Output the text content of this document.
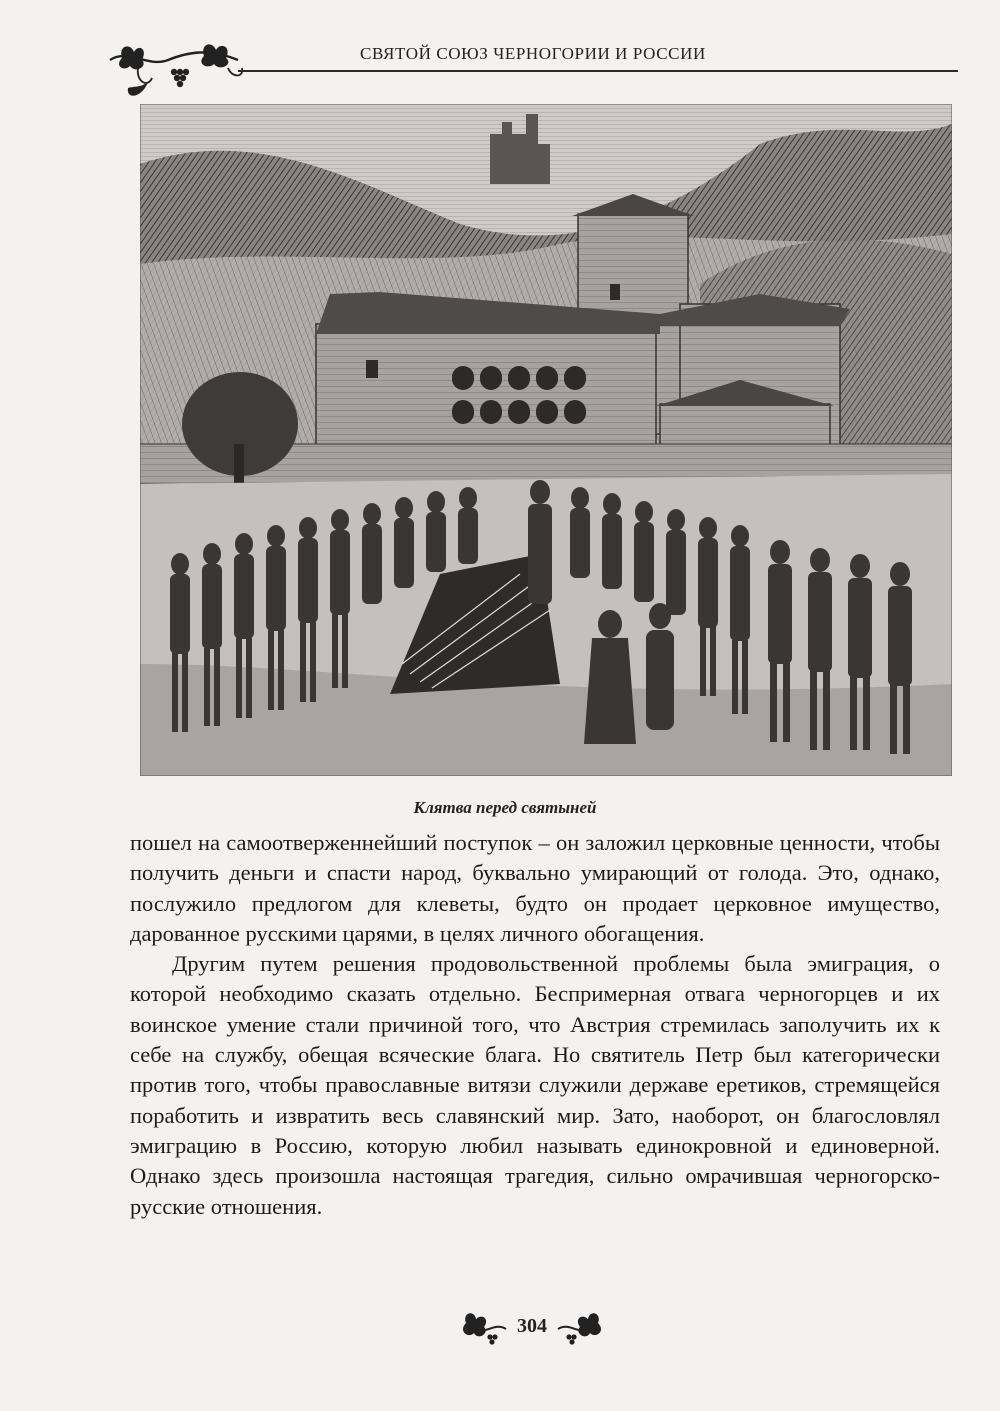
СВЯТОЙ СОЮЗ ЧЕРНОГОРИИ И РОССИИ
Клятва перед святыней

пошел на самоотверженнейший поступок – он заложил церковные ценности, чтобы получить деньги и спасти народ, буквально умирающий от голода. Это, однако, послужило предлогом для клеветы, будто он продает церковное имущество, дарованное русскими царями, в целях личного обогащения.

Другим путем решения продовольственной проблемы была эмиграция, о которой необходимо сказать отдельно. Беспримерная отвага черногорцев и их воинское умение стали причиной того, что Австрия стремилась заполучить их к себе на службу, обещая всяческие блага. Но святитель Петр был категорически против того, чтобы православные витязи служили державе еретиков, стремящейся поработить и извратить весь славянский мир. Зато, наоборот, он благословлял эмиграцию в Россию, которую любил называть единокровной и единоверной. Однако здесь произошла настоящая трагедия, сильно омрачившая черногорско-русские отношения.

304
